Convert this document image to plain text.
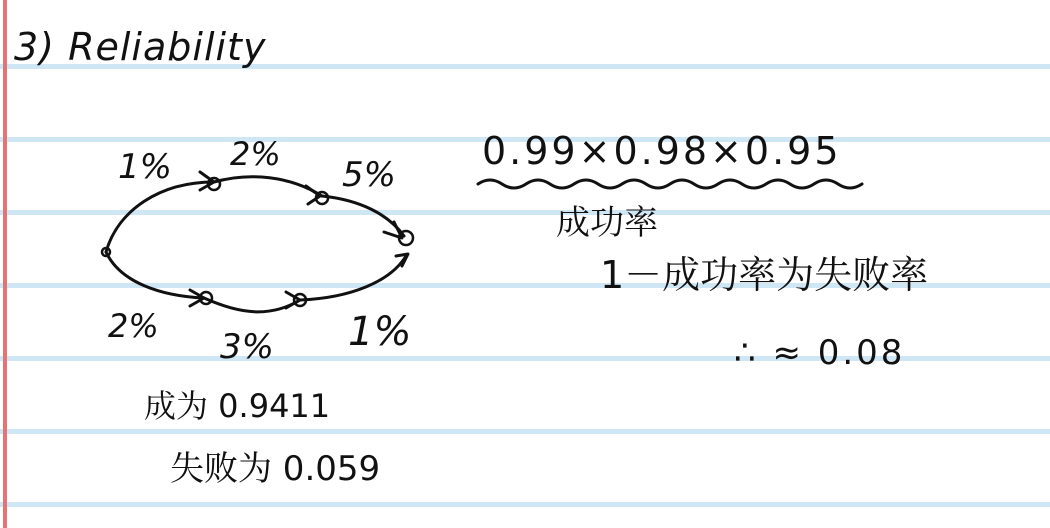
3) Reliability
1% 2%
5%
2%
3% 1%
成为 0.9411
失败为 0.059
0.99×0.98×0.95
成功率
1－成功率为失败率
∴ ≈ 0.08
